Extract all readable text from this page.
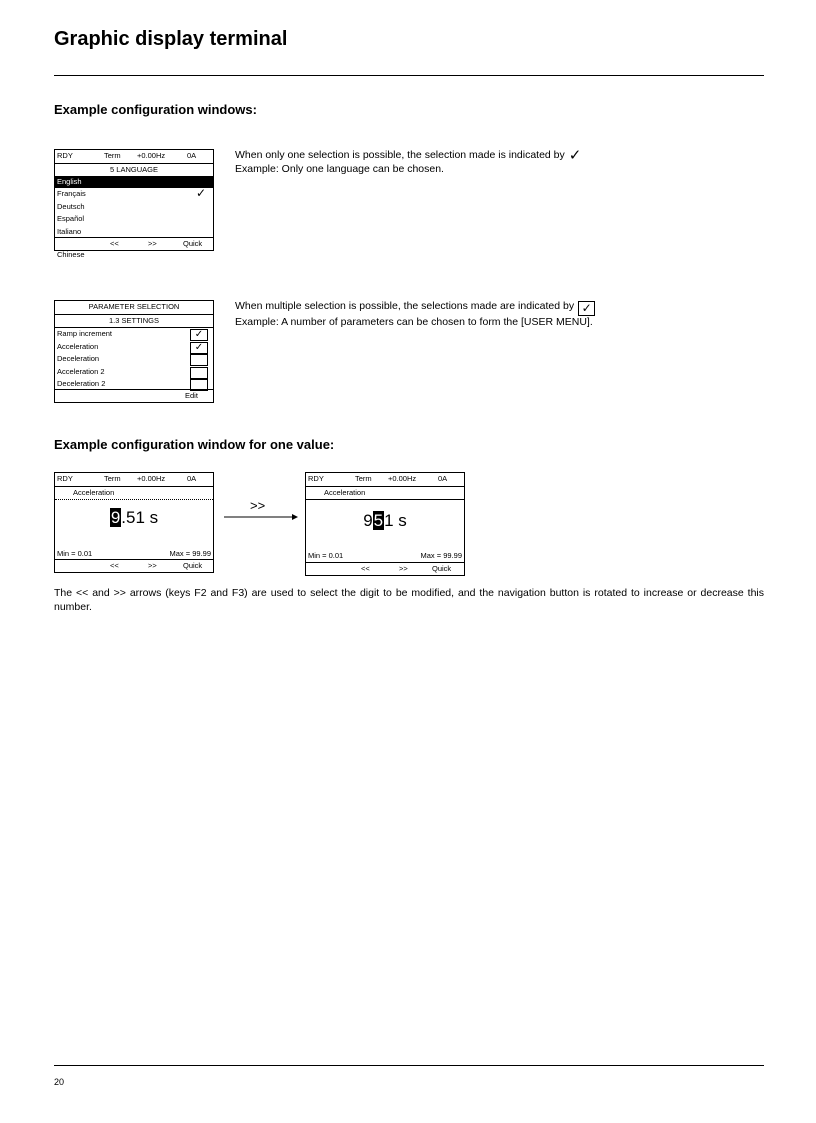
Graphic display terminal
Example configuration windows:
RDY	Term +0.00Hz	0A
5 LANGUAGE
English
Français	✓
Deutsch
Español
Italiano
<<	>>	Quick
Chinese
When only one selection is possible, the selection made is indicated by ✓
Example: Only one language can be chosen.
PARAMETER SELECTION
1.3 SETTINGS
Ramp increment	✓
Acceleration	✓
Deceleration
Acceleration 2
Deceleration 2
Edit
When multiple selection is possible, the selections made are indicated by ✓
Example: A number of parameters can be chosen to form the [USER MENU].
Example configuration window for one value:
RDY	Term +0.00Hz	0A
Acceleration
9.51 s
Min = 0.01	Max = 99.99
<<	>>	Quick
>>
RDY	Term +0.00Hz	0A
Acceleration
951 s
Min = 0.01	Max = 99.99
<<	>>	Quick

The << and >> arrows (keys F2 and F3) are used to select the digit to be modified, and the navigation button is rotated to increase or decrease this number.

20
